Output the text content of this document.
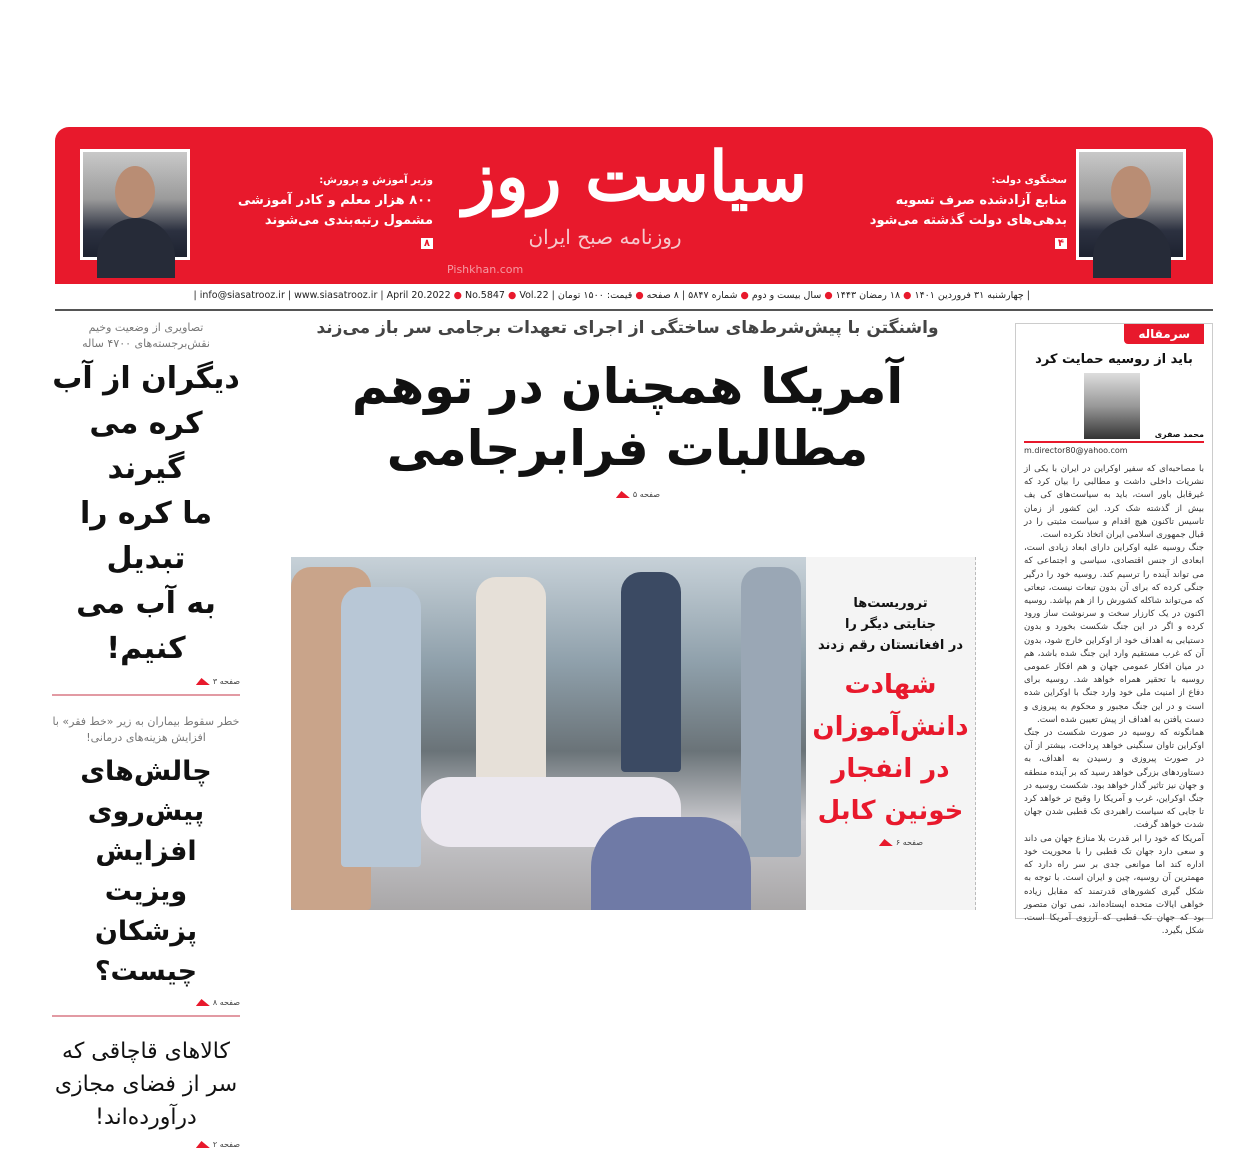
سخنگوی دولت:
منابع آزادشده صرف تسویه
بدهی‌های دولت گذشته می‌شود
۴
سیاست روز
روزنامه صبح ایران
Pishkhan.com
وزیر آموزش و پرورش:
۸۰۰ هزار معلم و کادر آموزشی
مشمول رتبه‌بندی می‌شوند
۸
| چهارشنبه ۳۱ فروردین ۱۴۰۱ ● ۱۸ رمضان ۱۴۴۳ ● سال بیست و دوم ● شماره ۵۸۴۷ | ۸ صفحه ● قیمت: ۱۵۰۰ تومان | info@siasatrooz.ir | www.siasatrooz.ir | April 20.2022 ● No.5847 ● Vol.22 |
تصاویری از وضعیت وخیم نقش‌برجسته‌های ۴۷۰۰ ساله
دیگران از آب
کره می گیرند
ما کره را تبدیل
به آب می کنیم!
صفحه ۳
خطر سقوط بیماران به زیر «خط فقر» با افزایش هزینه‌های درمانی!
چالش‌های
پیش‌روی افزایش
ویزیت پزشکان
چیست؟
صفحه ۸
کالاهای قاچاقی که
سر از فضای مجازی
درآورده‌اند!
صفحه ۲
واشنگتن با پیش‌شرط‌های ساختگی از اجرای تعهدات برجامی سر باز می‌زند
آمریکا همچنان در توهم
مطالبات فرابرجامی
صفحه ۵
تروریست‌ها
جنایتی دیگر را
در افغانستان رقم زدند
شهادت
دانش‌آموزان
در انفجار
خونین کابل
صفحه ۶
سرمقاله
باید از روسیه حمایت کرد
محمد صفری
m.director80@yahoo.com

با مصاحبه‌ای که سفیر اوکراین در ایران با یکی از نشریات داخلی داشت و مطالبی را بیان کرد که غیرقابل باور است، باید به سیاست‌های کی یف بیش از گذشته شک کرد. این کشور از زمان تاسیس تاکنون هیچ اقدام و سیاست مثبتی را در قبال جمهوری اسلامی ایران اتخاذ نکرده است.

جنگ روسیه علیه اوکراین دارای ابعاد زیادی است، ابعادی از جنس اقتصادی، سیاسی و اجتماعی که می تواند آینده را ترسیم کند. روسیه خود را درگیر جنگی کرده که برای آن بدون تبعات نیست، تبعاتی که می‌تواند شاکله کشورش را از هم بپاشد. روسیه اکنون در یک کارزار سخت و سرنوشت ساز ورود کرده و اگر در این جنگ شکست بخورد و بدون دستیابی به اهداف خود از اوکراین خارج شود، بدون آن که غرب مستقیم وارد این جنگ شده باشد، هم در میان افکار عمومی جهان و هم افکار عمومی روسیه با تحقیر همراه خواهد شد. روسیه برای دفاع از امنیت ملی خود وارد جنگ با اوکراین شده است و در این جنگ مجبور و محکوم به پیروزی و دست یافتن به اهداف از پیش تعیین شده است.

همانگونه که روسیه در صورت شکست در جنگ اوکراین تاوان سنگینی خواهد پرداخت، بیشتر از آن در صورت پیروزی و رسیدن به اهداف، به دستاوردهای بزرگی خواهد رسید که بر آینده منطقه و جهان نیز تاثیر گذار خواهد بود. شکست روسیه در جنگ اوکراین، غرب و آمریکا را وقیح تر خواهد کرد تا جایی که سیاست راهبردی تک قطبی شدن جهان شدت خواهد گرفت.

آمریکا که خود را ابر قدرت بلا منازع جهان می داند و سعی دارد جهان تک قطبی را با محوریت خود اداره کند اما موانعی جدی بر سر راه دارد که مهمترین آن روسیه، چین و ایران است. با توجه به شکل گیری کشورهای قدرتمند که مقابل زیاده خواهی ایالات متحده ایستاده‌اند، نمی توان متصور بود که جهان تک قطبی که آرزوی آمریکا است، شکل بگیرد.
